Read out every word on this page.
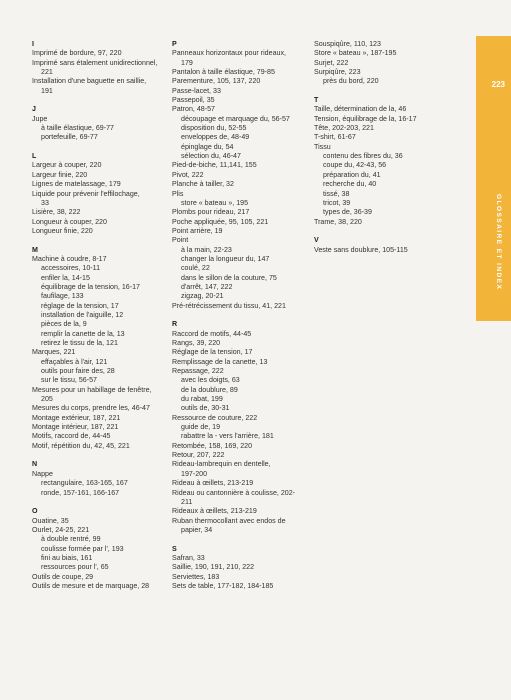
I
Imprimé de bordure, 97, 220
Imprimé sans étalement unidirectionnel,
221
Installation d'une baguette en saillie,
191
J
Jupe
à taille élastique, 69-77
portefeuille, 69-77
L
Largeur à couper, 220
Largeur finie, 220
Lignes de matelassage, 179
Liquide pour prévenir l'effilochage,
33
Lisière, 38, 222
Longueur à couper, 220
Longueur finie, 220
M
Machine à coudre, 8-17
accessoires, 10-11
enfiler la, 14-15
équilibrage de la tension, 16-17
faufilage, 133
réglage de la tension, 17
installation de l'aiguille, 12
pièces de la, 9
remplir la canette de la, 13
retirez le tissu de la, 121
Marques, 221
effaçables à l'air, 121
outils pour faire des, 28
sur le tissu, 56-57
Mesures pour un habillage de fenêtre,
205
Mesures du corps, prendre les, 46-47
Montage extérieur, 187, 221
Montage intérieur, 187, 221
Motifs, raccord de, 44-45
Motif, répétition du, 42, 45, 221
N
Nappe
rectangulaire, 163-165, 167
ronde, 157-161, 166-167
O
Ouatine, 35
Ourlet, 24-25, 221
à double rentré, 99
coulisse formée par l', 193
fini au biais, 161
ressources pour l', 65
Outils de coupe, 29
Outils de mesure et de marquage, 28
P
Panneaux horizontaux pour rideaux,
179
Pantalon à taille élastique, 79-85
Parementure, 105, 137, 220
Passe-lacet, 33
Passepoil, 35
Patron, 48-57
découpage et marquage du, 56-57
disposition du, 52-55
enveloppes de, 48-49
épinglage du, 54
sélection du, 46-47
Pied-de-biche, 11,141, 155
Pivot, 222
Planche à tailler, 32
Plis
store « bateau », 195
Plombs pour rideau, 217
Poche appliquée, 95, 105, 221
Point arrière, 19
Point
à la main, 22-23
changer la longueur du, 147
coulé, 22
dans le sillon de la couture, 75
d'arrêt, 147, 222
zigzag, 20-21
Pré-rétrécissement du tissu, 41, 221
R
Raccord de motifs, 44-45
Rangs, 39, 220
Réglage de la tension, 17
Remplissage de la canette, 13
Repassage, 222
avec les doigts, 63
de la doublure, 89
du rabat, 199
outils de, 30-31
Ressource de couture, 222
guide de, 19
rabattre la - vers l'arrière, 181
Retombée, 158, 169, 220
Retour, 207, 222
Rideau-lambrequin en dentelle,
197-200
Rideau à œillets, 213-219
Rideau ou cantonnière à coulisse, 202-
211
Rideaux à œillets, 213-219
Ruban thermocollant avec endos de
papier, 34
S
Safran, 33
Saillie, 190, 191, 210, 222
Serviettes, 183
Sets de table, 177-182, 184-185
Souspiqûre, 110, 123
Store « bateau », 187-195
Surjet, 222
Surpiqûre, 223
près du bord, 220
T
Taille, détermination de la, 46
Tension, équilibrage de la, 16-17
Tête, 202-203, 221
T-shirt, 61-67
Tissu
contenu des fibres du, 36
coupe du, 42-43, 56
préparation du, 41
recherche du, 40
tissé, 38
tricot, 39
types de, 36-39
Trame, 38, 220
V
Veste sans doublure, 105-115
223
GLOSSAIRE ET INDEX
